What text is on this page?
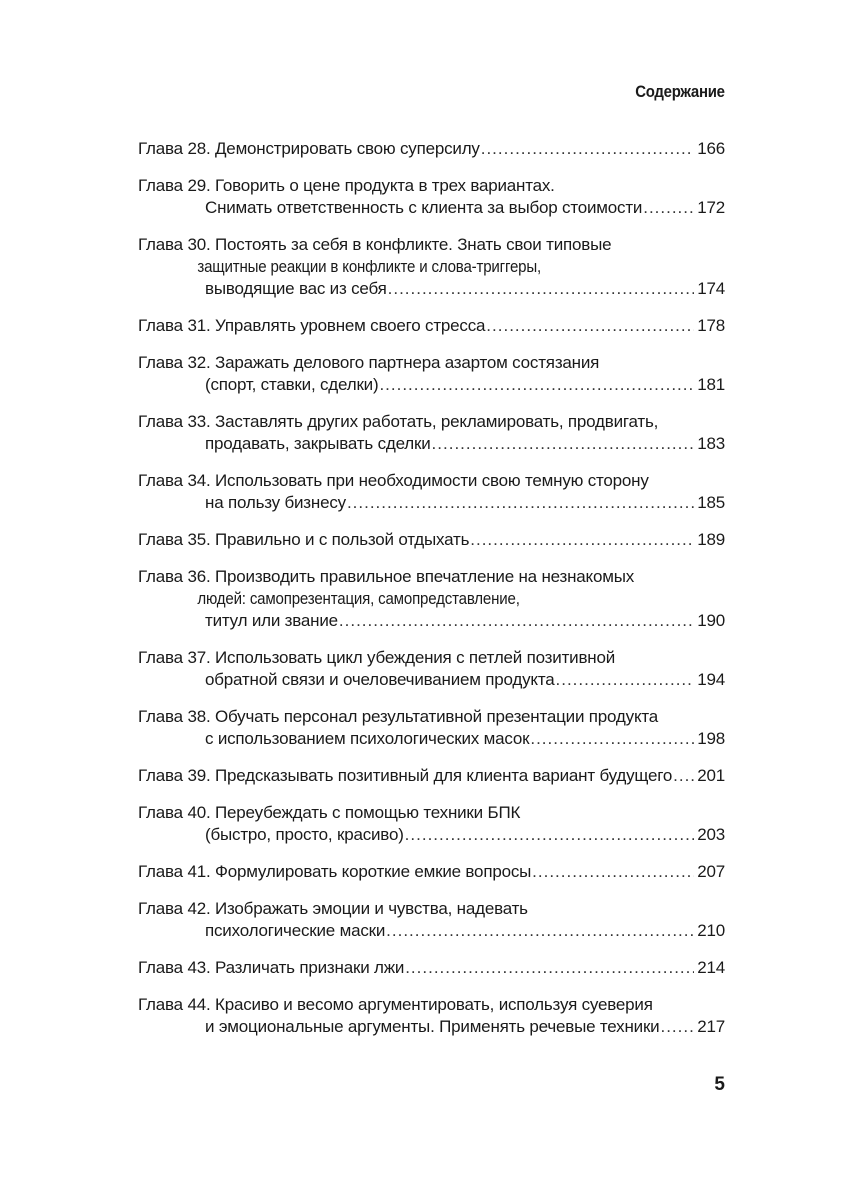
Содержание
Глава 28. Демонстрировать свою суперсилу .....	166
Глава 29. Говорить о цене продукта в трех вариантах.
Снимать ответственность с клиента за выбор стоимости .....	172
Глава 30. Постоять за себя в конфликте. Знать свои типовые
защитные реакции в конфликте и слова-триггеры,
выводящие вас из себя .....	174
Глава 31. Управлять уровнем своего стресса .....	178
Глава 32. Заражать делового партнера азартом состязания
(спорт, ставки, сделки) .....	181
Глава 33. Заставлять других работать, рекламировать, продвигать,
продавать, закрывать сделки .....	183
Глава 34. Использовать при необходимости свою темную сторону
на пользу бизнесу .....	185
Глава 35. Правильно и с пользой отдыхать .....	189
Глава 36. Производить правильное впечатление на незнакомых
людей: самопрезентация, самопредставление,
титул или звание .....	190
Глава 37. Использовать цикл убеждения с петлей позитивной
обратной связи и очеловечиванием продукта .....	194
Глава 38. Обучать персонал результативной презентации продукта
с использованием психологических масок .....	198
Глава 39. Предсказывать позитивный для клиента вариант будущего ..... 201
Глава 40. Переубеждать с помощью техники БПК
(быстро, просто, красиво) .....	203
Глава 41. Формулировать короткие емкие вопросы .....	207
Глава 42. Изображать эмоции и чувства, надевать
психологические маски .....	210
Глава 43. Различать признаки лжи .....	214
Глава 44. Красиво и весомо аргументировать, используя суеверия
и эмоциональные аргументы. Применять речевые техники ..... 217
5
